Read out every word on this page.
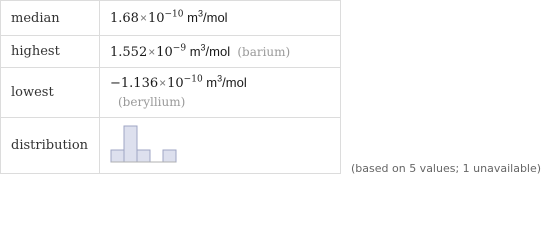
median	$1.68\times 10^{-10}$ $m^3$/mol
highest	$1.552\times 10^{-9}$ $m^3$/mol (barium)
lowest	$-1.136\times 10^{-10}$ $m^3$/mol
(beryllium)

distribution	
(based on 5 values; 1 unavailable)
